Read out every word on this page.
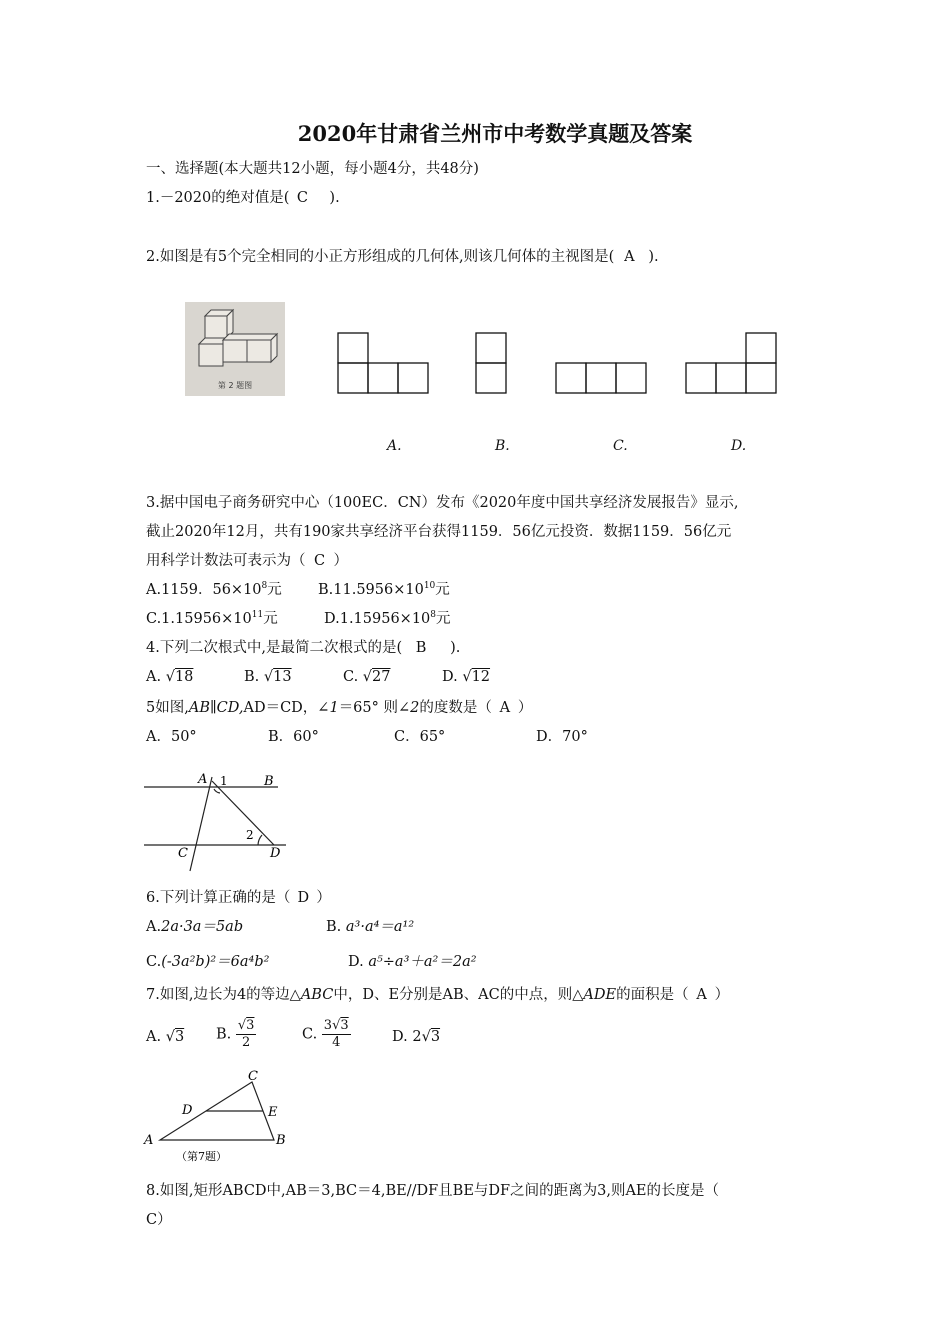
2020年甘肃省兰州市中考数学真题及答案
一、选择题(本大题共12小题，每小题4分，共48分)
1.－2020的绝对值是( C ).
2.如图是有5个完全相同的小正方形组成的几何体,则该几何体的主视图是( A ).
第 2 题图
A.	B.	C.	D.
3.据中国电子商务研究中心（100EC．CN）发布《2020年度中国共享经济发展报告》显示,
截止2020年12月，共有190家共享经济平台获得1159．56亿元投资．数据1159．56亿元
用科学计数法可表示为（ C ）
A.1159．$56\times 10^8$元 $B.11.5956\times 10^{10}$元
$C.1.15956\times 10^{11}$元	$D.1.15956\times 10^8$元
4.下列二次根式中,是最简二次根式的是( B ).
A. √18	B. √13	C. √27	D. √12
5如图,AB∥CD,AD＝CD，∠1＝65° 则∠2的度数是（ A ）
A．50°	B．60°	C．65°	D．70°
A 1	B
2
C	D
6.下列计算正确的是（ D ）
A.2a·3a＝5ab	B. a³·a⁴＝a¹²
C.(-3a²b)²＝6a⁴b²	D. a⁵÷a³＋a²＝2a²
7.如图,边长为4的等边△ABC中，D、E分别是AB、AC的中点，则△ADE的面积是（ A ）
A. √3 B. $\frac{√3}{2}$	C. $\frac{3√3}{4}$	D. 2√3
A	B
C
D	E
（第7题）
8.如图,矩形ABCD中,AB＝3,BC＝4,BE//DF且BE与DF之间的距离为3,则AE的长度是（
C）
